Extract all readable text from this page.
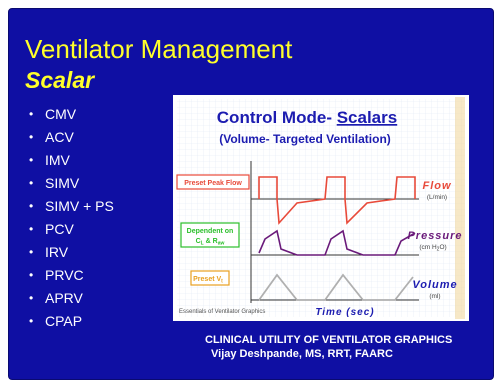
Ventilator Management
Scalar
• CMV
• ACV
• IMV
• SIMV
• SIMV + PS
• PCV
• IRV
• PRVC
• APRV
• CPAP
Control Mode- Scalars
(Volume- Targeted Ventilation)
Preset Peak Flow
Dependent on
$C_L$ & $R_{aw}$
Preset $V_t$
Flow
(L/min)
Pressure
(cm $H_2O$)
Volume
(ml)
Time (sec)
Essentials of Ventilator Graphics
CLINICAL UTILITY OF VENTILATOR GRAPHICS
Vijay Deshpande, MS, RRT, FAARC
